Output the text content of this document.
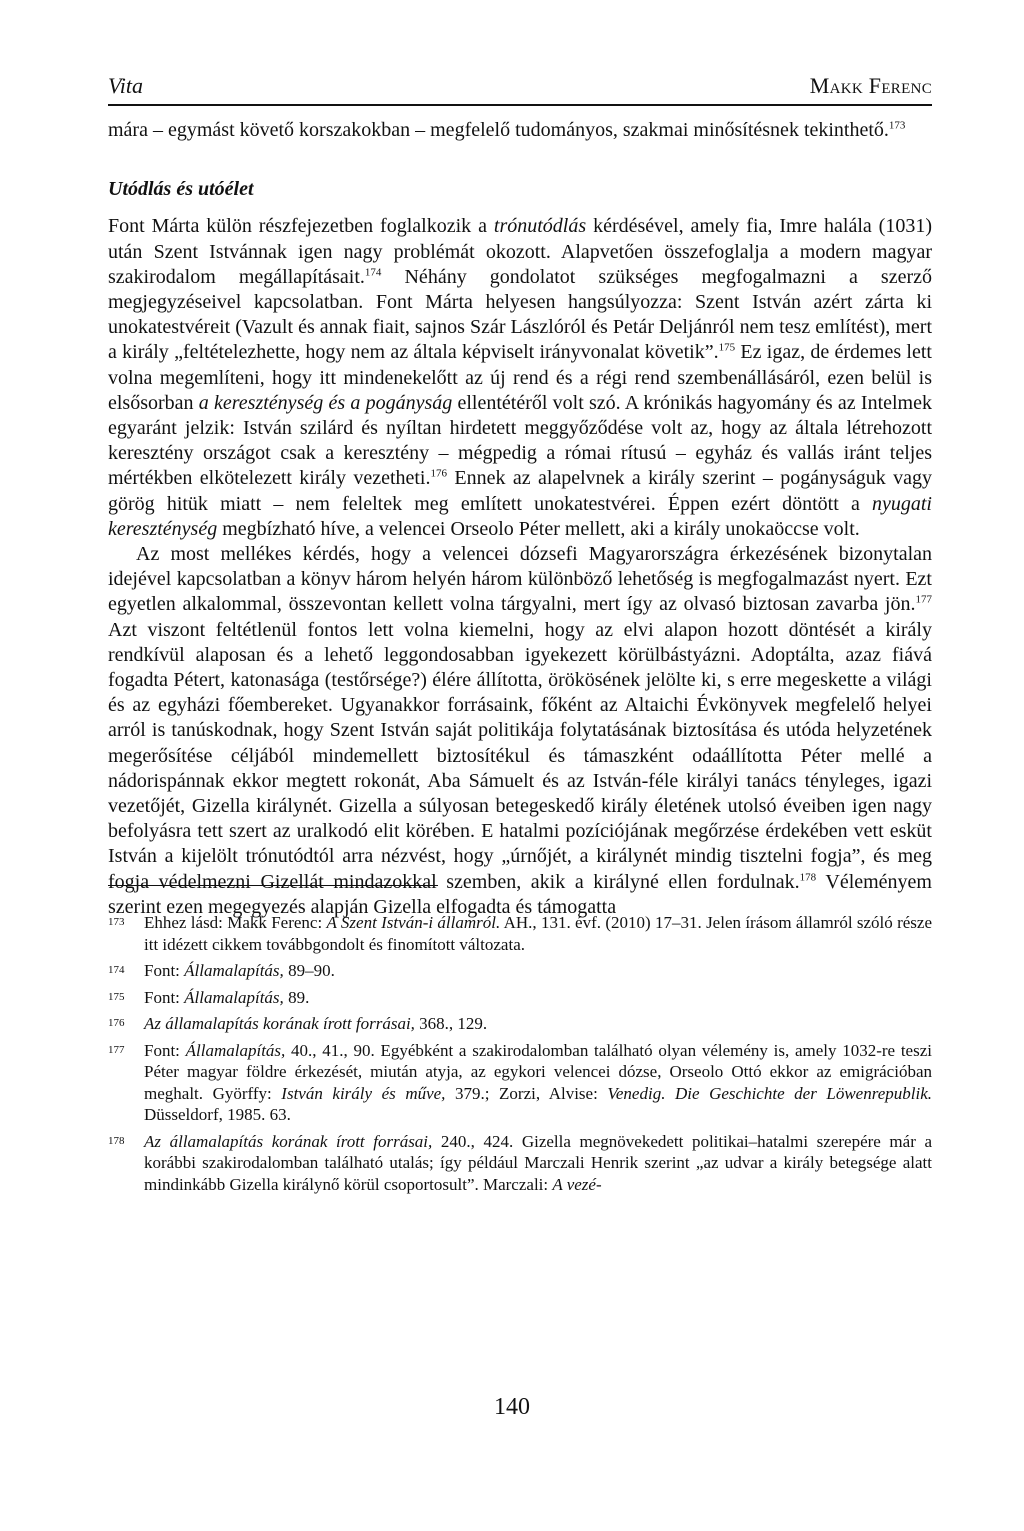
Vita	Makk Ferenc

mára – egymást követő korszakokban – megfelelő tudományos, szakmai minősítésnek tekinthető.$^{173}$

Utódlás és utóélet

Font Márta külön részfejezetben foglalkozik a trónutódlás kérdésével, amely fia, Imre halála (1031) után Szent Istvánnak igen nagy problémát okozott. Alapvetően összefoglalja a modern magyar szakirodalom megállapításait.$^{174}$ Néhány gondolatot szükséges megfogalmazni a szerző megjegyzéseivel kapcsolatban. Font Márta helyesen hangsúlyozza: Szent István azért zárta ki unokatestvéreit (Vazult és annak fiait, sajnos Szár Lászlóról és Petár Deljánról nem tesz említést), mert a király „feltételezhette, hogy nem az általa képviselt irányvonalat követik”.$^{175}$ Ez igaz, de érdemes lett volna megemlíteni, hogy itt mindenekelőtt az új rend és a régi rend szembenállásáról, ezen belül is elsősorban a kereszténység és a pogányság ellentétéről volt szó. A krónikás hagyomány és az Intelmek egyaránt jelzik: István szilárd és nyíltan hirdetett meggyőződése volt az, hogy az általa létrehozott keresztény országot csak a keresztény – mégpedig a római rítusú – egyház és vallás iránt teljes mértékben elkötelezett király vezetheti.$^{176}$ Ennek az alapelvnek a király szerint – pogányságuk vagy görög hitük miatt – nem feleltek meg említett unokatestvérei. Éppen ezért döntött a nyugati kereszténység megbízható híve, a velencei Orseolo Péter mellett, aki a király unokaöccse volt.

Az most mellékes kérdés, hogy a velencei dózsefi Magyarországra érkezésének bizonytalan idejével kapcsolatban a könyv három helyén három különböző lehetőség is megfogalmazást nyert. Ezt egyetlen alkalommal, összevontan kellett volna tárgyalni, mert így az olvasó biztosan zavarba jön.$^{177}$ Azt viszont feltétlenül fontos lett volna kiemelni, hogy az elvi alapon hozott döntését a király rendkívül alaposan és a lehető leggondosabban igyekezett körülbástyázni. Adoptálta, azaz fiává fogadta Pétert, katonasága (testőrsége?) élére állította, örökösének jelölte ki, s erre megeskette a világi és az egyházi főembereket. Ugyanakkor forrásaink, főként az Altaichi Évkönyvek megfelelő helyei arról is tanúskodnak, hogy Szent István saját politikája folytatásának biztosítása és utóda helyzetének megerősítése céljából mindemellett biztosítékul és támaszként odaállította Péter mellé a nádorispánnak ekkor megtett rokonát, Aba Sámuelt és az István-féle királyi tanács tényleges, igazi vezetőjét, Gizella királynét. Gizella a súlyosan betegeskedő király életének utolsó éveiben igen nagy befolyásra tett szert az uralkodó elit körében. E hatalmi pozíciójának megőrzése érdekében vett esküt István a kijelölt trónutódtól arra nézvést, hogy „úrnőjét, a királynét mindig tisztelni fogja”, és meg fogja védelmezni Gizellát mindazokkal szemben, akik a királyné ellen fordulnak.$^{178}$ Véleményem szerint ezen megegyezés alapján Gizella elfogadta és támogatta

173	Ehhez lásd: Makk Ferenc: A Szent István-i államról. AH., 131. évf. (2010) 17–31. Jelen írásom államról szóló része itt idézett cikkem továbbgondolt és finomított változata.
174	Font: Államalapítás, 89–90.
175	Font: Államalapítás, 89.
176	Az államalapítás korának írott forrásai, 368., 129.
177	Font: Államalapítás, 40., 41., 90. Egyébként a szakirodalomban található olyan vélemény is, amely 1032-re teszi Péter magyar földre érkezését, miután atyja, az egykori velencei dózse, Orseolo Ottó ekkor az emigrációban meghalt. Györffy: István király és műve, 379.; Zorzi, Alvise: Venedig. Die Geschichte der Löwenrepublik. Düsseldorf, 1985. 63.
178	Az államalapítás korának írott forrásai, 240., 424. Gizella megnövekedett politikai–hatalmi szerepére már a korábbi szakirodalomban található utalás; így például Marczali Henrik szerint „az udvar a király betegsége alatt mindinkább Gizella királynő körül csoportosult”. Marczali: A vezé-
140
